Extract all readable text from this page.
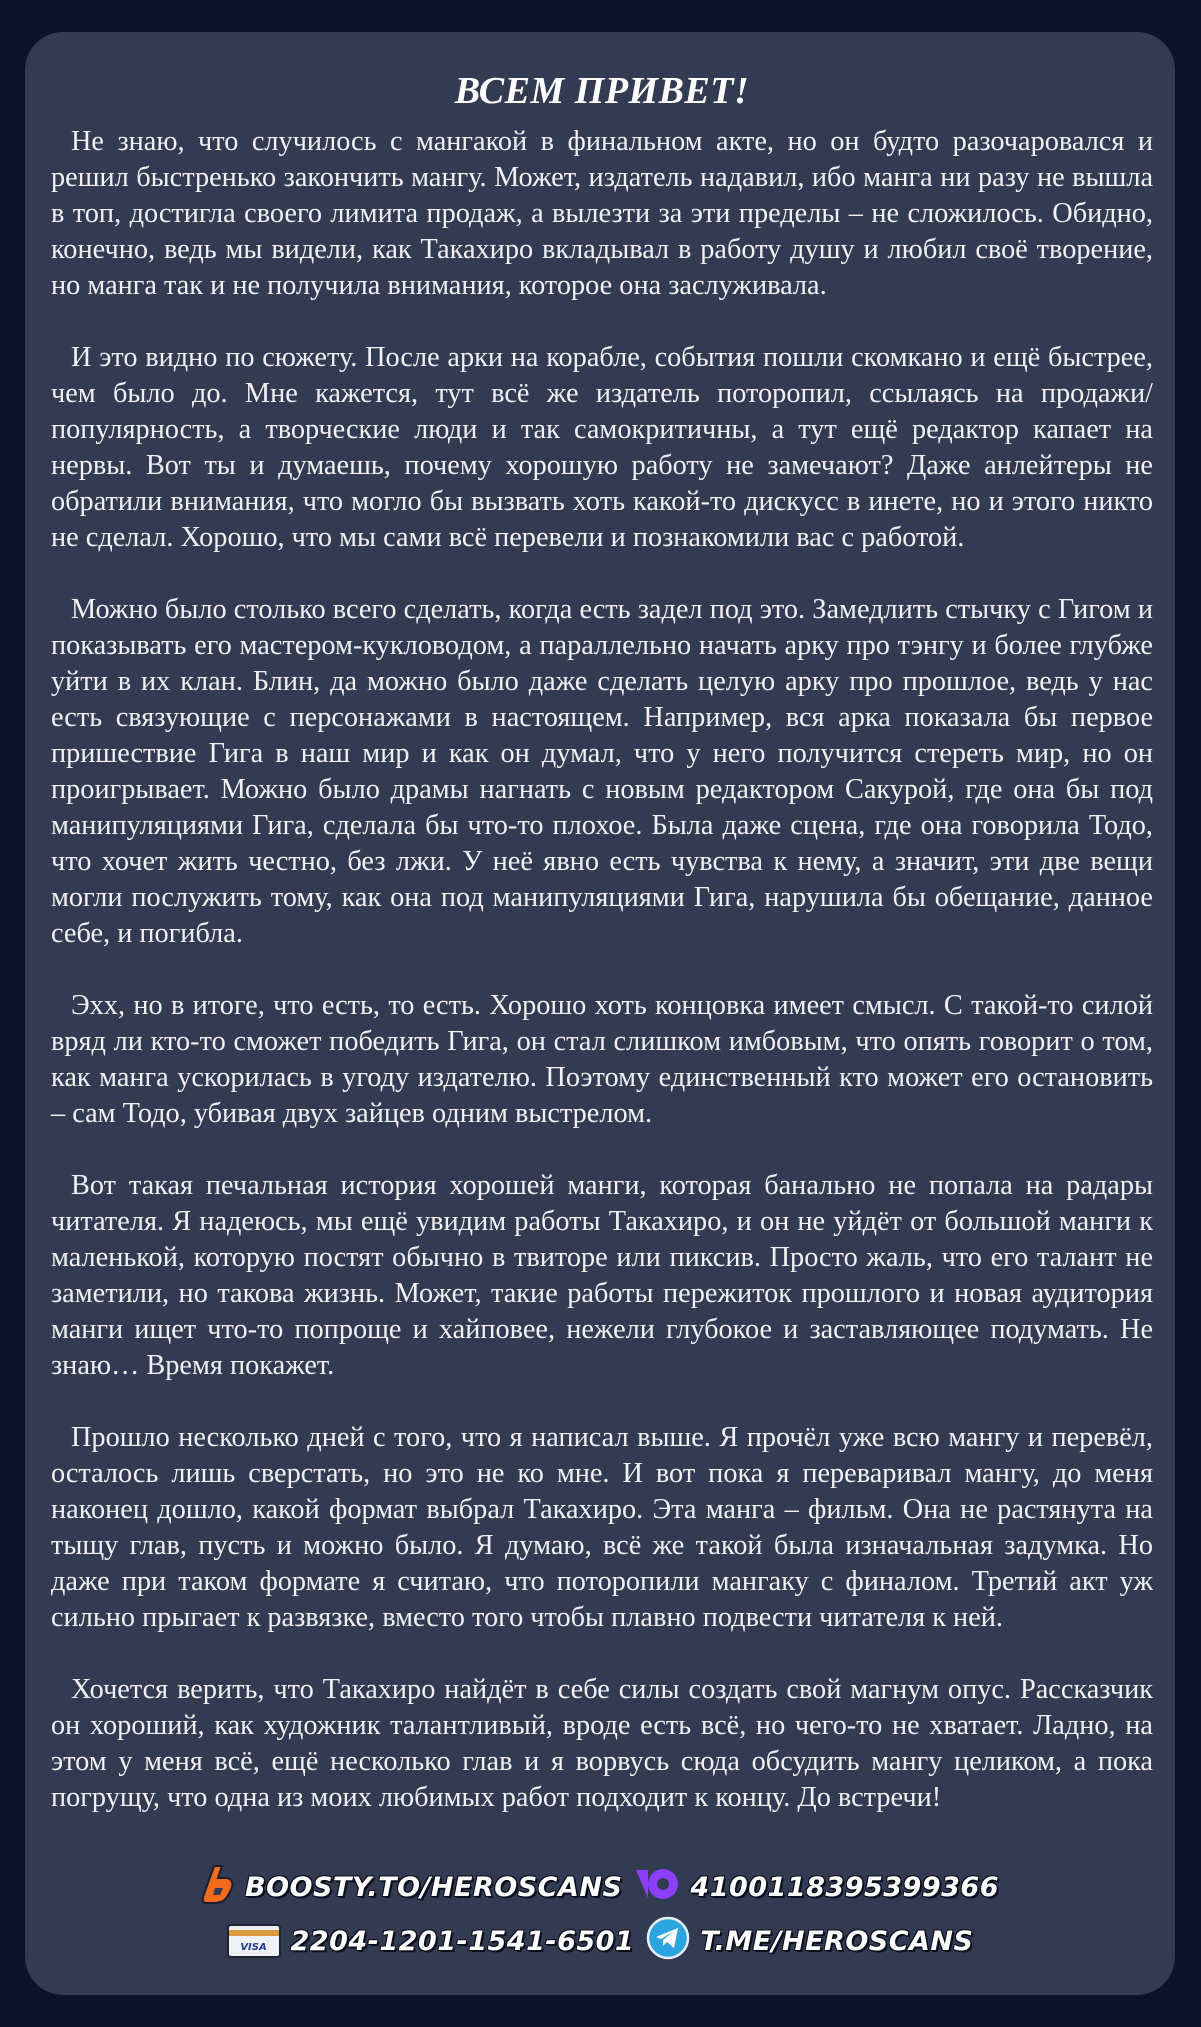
ВСЕМ ПРИВЕТ!

Не знаю, что случилось с мангакой в финальном акте, но он будто разочаровался и решил быстренько закончить мангу. Может, издатель надавил, ибо манга ни разу не вышла в топ, достигла своего лимита продаж, а вылезти за эти пределы – не сложилось. Обидно, конечно, ведь мы видели, как Такахиро вкладывал в работу душу и любил своё творение, но манга так и не получила внимания, которое она заслуживала.

И это видно по сюжету. После арки на корабле, события пошли скомкано и ещё быстрее, чем было до. Мне кажется, тут всё же издатель поторопил, ссылаясь на продажи/популярность, а творческие люди и так самокритичны, а тут ещё редактор капает на нервы. Вот ты и думаешь, почему хорошую работу не замечают? Даже анлейтеры не обратили внимания, что могло бы вызвать хоть какой-то дискусс в инете, но и этого никто не сделал. Хорошо, что мы сами всё перевели и познакомили вас с работой.

Можно было столько всего сделать, когда есть задел под это. Замедлить стычку с Гигом и показывать его мастером-кукловодом, а параллельно начать арку про тэнгу и более глубже уйти в их клан. Блин, да можно было даже сделать целую арку про прошлое, ведь у нас есть связующие с персонажами в настоящем. Например, вся арка показала бы первое пришествие Гига в наш мир и как он думал, что у него получится стереть мир, но он проигрывает. Можно было драмы нагнать с новым редактором Сакурой, где она бы под манипуляциями Гига, сделала бы что-то плохое. Была даже сцена, где она говорила Тодо, что хочет жить честно, без лжи. У неё явно есть чувства к нему, а значит, эти две вещи могли послужить тому, как она под манипуляциями Гига, нарушила бы обещание, данное себе, и погибла.

Эхх, но в итоге, что есть, то есть. Хорошо хоть концовка имеет смысл. С такой-то силой вряд ли кто-то сможет победить Гига, он стал слишком имбовым, что опять говорит о том, как манга ускорилась в угоду издателю. Поэтому единственный кто может его остановить – сам Тодо, убивая двух зайцев одним выстрелом.

Вот такая печальная история хорошей манги, которая банально не попала на радары читателя. Я надеюсь, мы ещё увидим работы Такахиро, и он не уйдёт от большой манги к маленькой, которую постят обычно в твиторе или пиксив. Просто жаль, что его талант не заметили, но такова жизнь. Может, такие работы пережиток прошлого и новая аудитория манги ищет что-то попроще и хайповее, нежели глубокое и заставляющее подумать. Не знаю… Время покажет.

Прошло несколько дней с того, что я написал выше. Я прочёл уже всю мангу и перевёл, осталось лишь сверстать, но это не ко мне. И вот пока я переваривал мангу, до меня наконец дошло, какой формат выбрал Такахиро. Эта манга – фильм. Она не растянута на тыщу глав, пусть и можно было. Я думаю, всё же такой была изначальная задумка. Но даже при таком формате я считаю, что поторопили мангаку с финалом. Третий акт уж сильно прыгает к развязке, вместо того чтобы плавно подвести читателя к ней.

Хочется верить, что Такахиро найдёт в себе силы создать свой магнум опус. Рассказчик он хороший, как художник талантливый, вроде есть всё, но чего-то не хватает. Ладно, на этом у меня всё, ещё несколько глав и я ворвусь сюда обсудить мангу целиком, а пока погрущу, что одна из моих любимых работ подходит к концу. До встречи!

BOOSTY.TO/HEROSCANS	4100118395399366
VISA 2204-1201-1541-6501 T.ME/HEROSCANS
